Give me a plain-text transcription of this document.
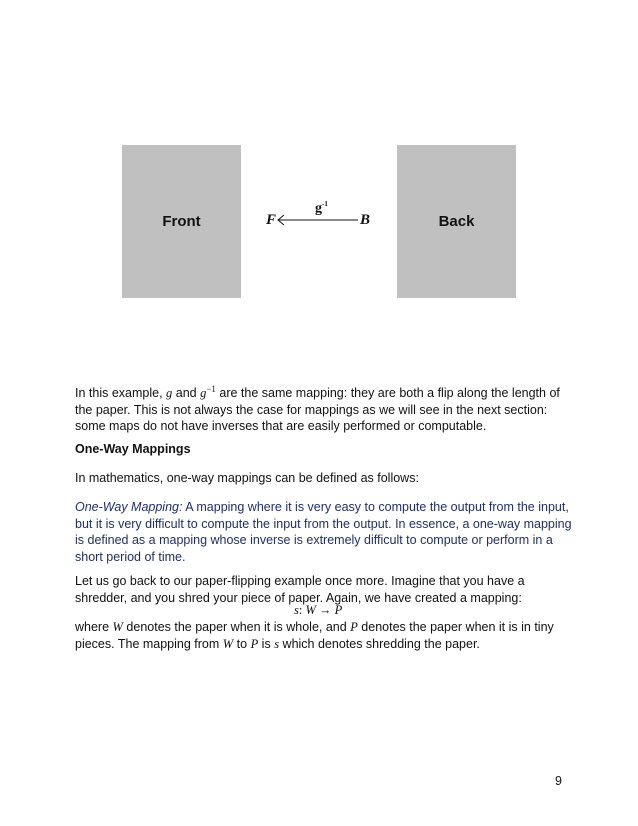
Front	F
$g^{-1}$
B	Back
In this example, g and $g^{-1}$ are the same mapping: they are both a flip along the length of the paper. This is not always the case for mappings as we will see in the next section: some maps do not have inverses that are easily performed or computable.
One-Way Mappings
In mathematics, one-way mappings can be defined as follows:
One-Way Mapping: A mapping where it is very easy to compute the output from the input, but it is very difficult to compute the input from the output. In essence, a one-way mapping is defined as a mapping whose inverse is extremely difficult to compute or perform in a short period of time.
Let us go back to our paper-flipping example once more. Imagine that you have a shredder, and you shred your piece of paper. Again, we have created a mapping:
s: W → P
where W denotes the paper when it is whole, and P denotes the paper when it is in tiny pieces. The mapping from W to P is s which denotes shredding the paper.
9
